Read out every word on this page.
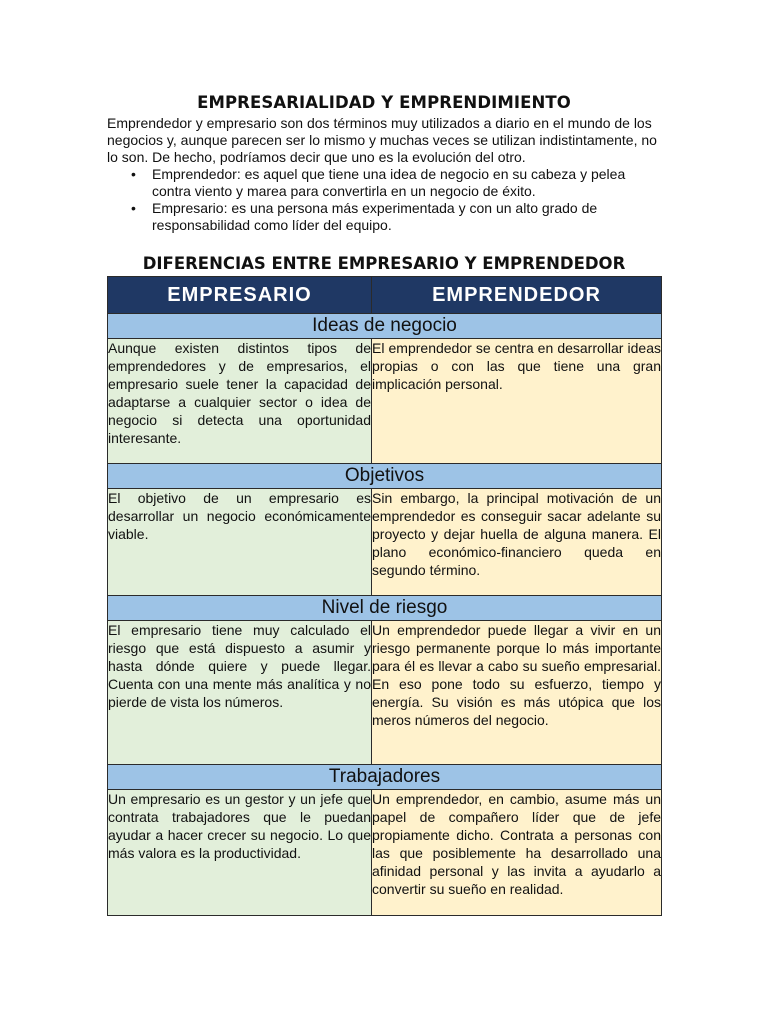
EMPRESARIALIDAD Y EMPRENDIMIENTO

Emprendedor y empresario son dos términos muy utilizados a diario en el mundo de los negocios y, aunque parecen ser lo mismo y muchas veces se utilizan indistintamente, no lo son. De hecho, podríamos decir que uno es la evolución del otro.

• Emprendedor: es aquel que tiene una idea de negocio en su cabeza y pelea contra viento y marea para convertirla en un negocio de éxito.
• Empresario: es una persona más experimentada y con un alto grado de responsabilidad como líder del equipo.
DIFERENCIAS ENTRE EMPRESARIO Y EMPRENDEDOR
EMPRESARIO	EMPRENDEDOR
Ideas de negocio	
Aunque existen distintos tipos de emprendedores y de empresarios, el empresario suele tener la capacidad de adaptarse a cualquier sector o idea de negocio si detecta una oportunidad interesante.	El emprendedor se centra en desarrollar ideas propias o con las que tiene una gran implicación personal.
Objetivos	
El objetivo de un empresario es desarrollar un negocio económicamente viable.	Sin embargo, la principal motivación de un emprendedor es conseguir sacar adelante su proyecto y dejar huella de alguna manera. El plano económico-financiero queda en segundo término.
Nivel de riesgo	
El empresario tiene muy calculado el riesgo que está dispuesto a asumir y hasta dónde quiere y puede llegar. Cuenta con una mente más analítica y no pierde de vista los números.	Un emprendedor puede llegar a vivir en un riesgo permanente porque lo más importante para él es llevar a cabo su sueño empresarial. En eso pone todo su esfuerzo, tiempo y energía. Su visión es más utópica que los meros números del negocio.
Trabajadores	
Un empresario es un gestor y un jefe que contrata trabajadores que le puedan ayudar a hacer crecer su negocio. Lo que más valora es la productividad.	Un emprendedor, en cambio, asume más un papel de compañero líder que de jefe propiamente dicho. Contrata a personas con las que posiblemente ha desarrollado una afinidad personal y las invita a ayudarlo a convertir su sueño en realidad.
